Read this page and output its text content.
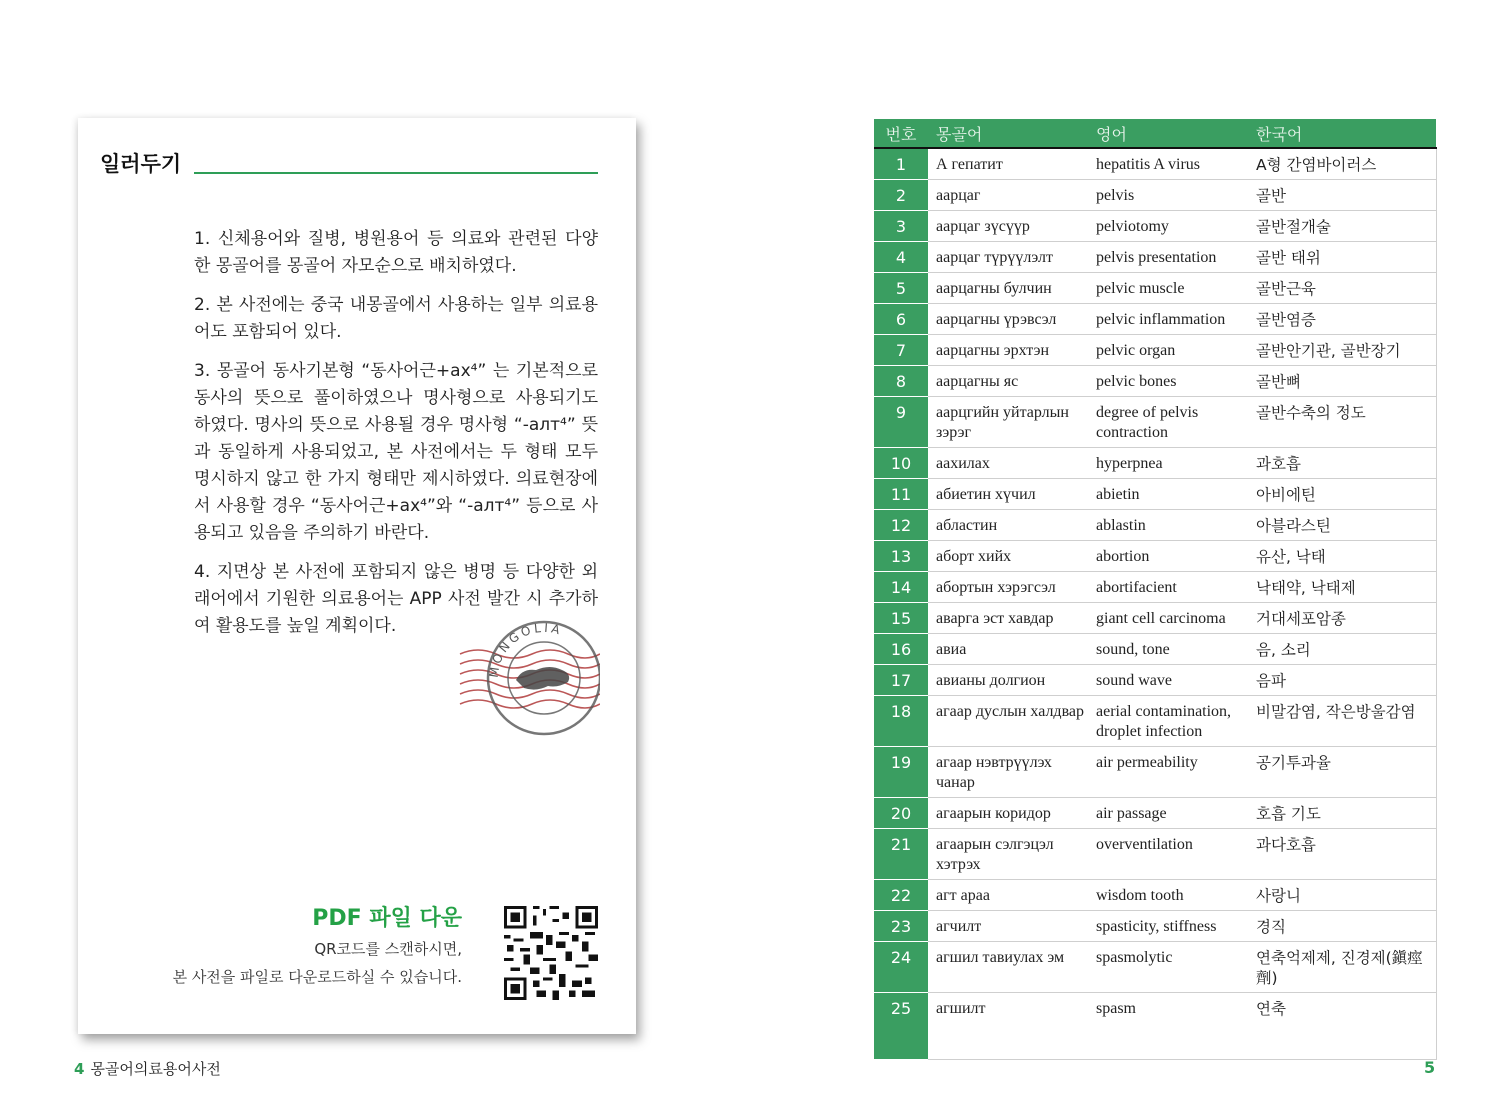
일러두기

1. 신체용어와 질병, 병원용어 등 의료와 관련된 다양한 몽골어를 몽골어 자모순으로 배치하였다.

2. 본 사전에는 중국 내몽골에서 사용하는 일부 의료용어도 포함되어 있다.

3. 몽골어 동사기본형 “동사어근+ах⁴” 는 기본적으로 동사의 뜻으로 풀이하였으나 명사형으로 사용되기도 하였다. 명사의 뜻으로 사용될 경우 명사형 “-алт⁴” 뜻과 동일하게 사용되었고, 본 사전에서는 두 형태 모두 명시하지 않고 한 가지 형태만 제시하였다. 의료현장에서 사용할 경우 “동사어근+ах⁴”와 “-алт⁴” 등으로 사용되고 있음을 주의하기 바란다.

4. 지면상 본 사전에 포함되지 않은 병명 등 다양한 외래어에서 기원한 의료용어는 APP 사전 발간 시 추가하여 활용도를 높일 계획이다.

MONGOLIA
PDF 파일 다운
QR코드를 스캔하시면,
본 사전을 파일로 다운로드하실 수 있습니다.
4 몽골어의료용어사전
번호	몽골어	영어	한국어
1	А гепатит	hepatitis A virus	A형 간염바이러스
2	аарцаг	pelvis	골반
3	аарцаг зүсүүр	pelviotomy	골반절개술
4	аарцаг түрүүлэлт	pelvis presentation	골반 태위
5	аарцагны булчин	pelvic muscle	골반근육
6	аарцагны үрэвсэл	pelvic inflammation	골반염증
7	аарцагны эрхтэн	pelvic organ	골반안기관, 골반장기
8	аарцагны яс	pelvic bones	골반뼈
9	аарцгийн уйтарлын зэрэг	degree of pelvis contraction	골반수축의 정도
10	аахилах	hyperpnea	과호흡
11	абиетин хүчил	abietin	아비에틴
12	абластин	ablastin	아블라스틴
13	аборт хийх	abortion	유산, 낙태
14	абортын хэрэгсэл	abortifacient	낙태약, 낙태제
15	аварга эст хавдар	giant cell carcinoma	거대세포암종
16	авиа	sound, tone	음, 소리
17	авианы долгион	sound wave	음파
18	агаар дуслын халдвар	aerial contamination, droplet infection	비말감염, 작은방울감염
19	агаар нэвтрүүлэх чанар	air permeability	공기투과율
20	агаарын коридор	air passage	호흡 기도
21	агаарын сэлгэцэл хэтрэх	overventilation	과다호흡
22	агт араа	wisdom tooth	사랑니
23	агчилт	spasticity, stiffness	경직
24	агшил тавиулах эм	spasmolytic	연축억제제, 진경제(鎭痙劑)
25	агшилт	spasm	연축
5
